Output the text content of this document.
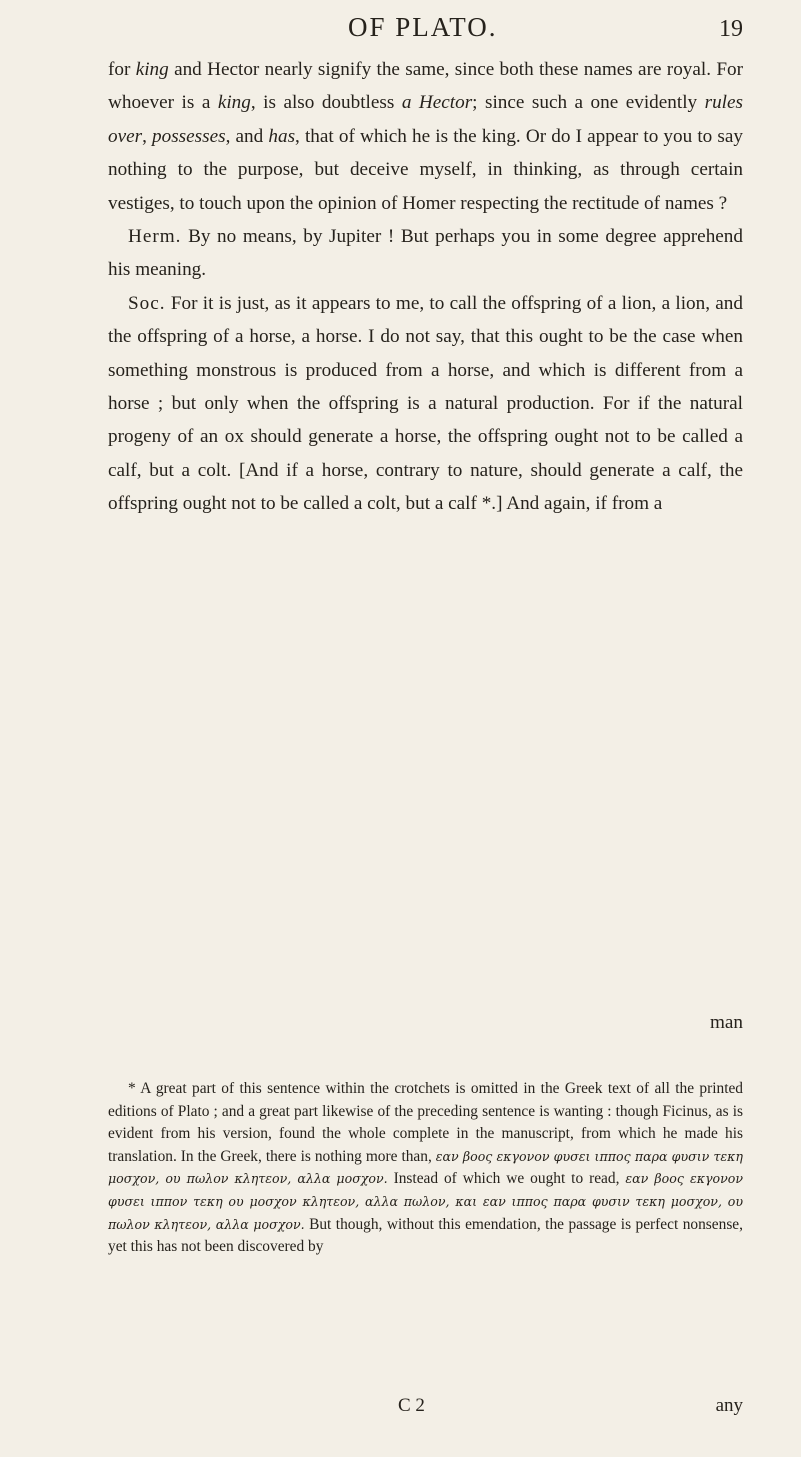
OF PLATO.	19

for king and Hector nearly signify the same, since both these names are royal. For whoever is a king, is also doubtless a Hector; since such a one evidently rules over, possesses, and has, that of which he is the king. Or do I appear to you to say nothing to the purpose, but deceive myself, in thinking, as through certain vestiges, to touch upon the opinion of Homer respecting the rectitude of names ?

Herm. By no means, by Jupiter ! But perhaps you in some degree apprehend his meaning.

Soc. For it is just, as it appears to me, to call the offspring of a lion, a lion, and the offspring of a horse, a horse. I do not say, that this ought to be the case when something monstrous is produced from a horse, and which is different from a horse ; but only when the offspring is a natural production. For if the natural progeny of an ox should generate a horse, the offspring ought not to be called a calf, but a colt. [And if a horse, contrary to nature, should generate a calf, the offspring ought not to be called a colt, but a calf *.] And again, if from a

man

* A great part of this sentence within the crotchets is omitted in the Greek text of all the printed editions of Plato ; and a great part likewise of the preceding sentence is wanting : though Ficinus, as is evident from his version, found the whole complete in the manuscript, from which he made his translation. In the Greek, there is nothing more than, εαν βοος εκγονον φυσει ιππος παρα φυσιν τεκη μοσχον, ου πωλον κλητεον, αλλα μοσχον. Instead of which we ought to read, εαν βοος εκγονον φυσει ιππον τεκη ου μοσχον κλητεον, αλλα πωλον, και εαν ιππος παρα φυσιν τεκη μοσχον, ου πωλον κλητεον, αλλα μοσχον. But though, without this emendation, the passage is perfect nonsense, yet this has not been discovered by

C 2	any
